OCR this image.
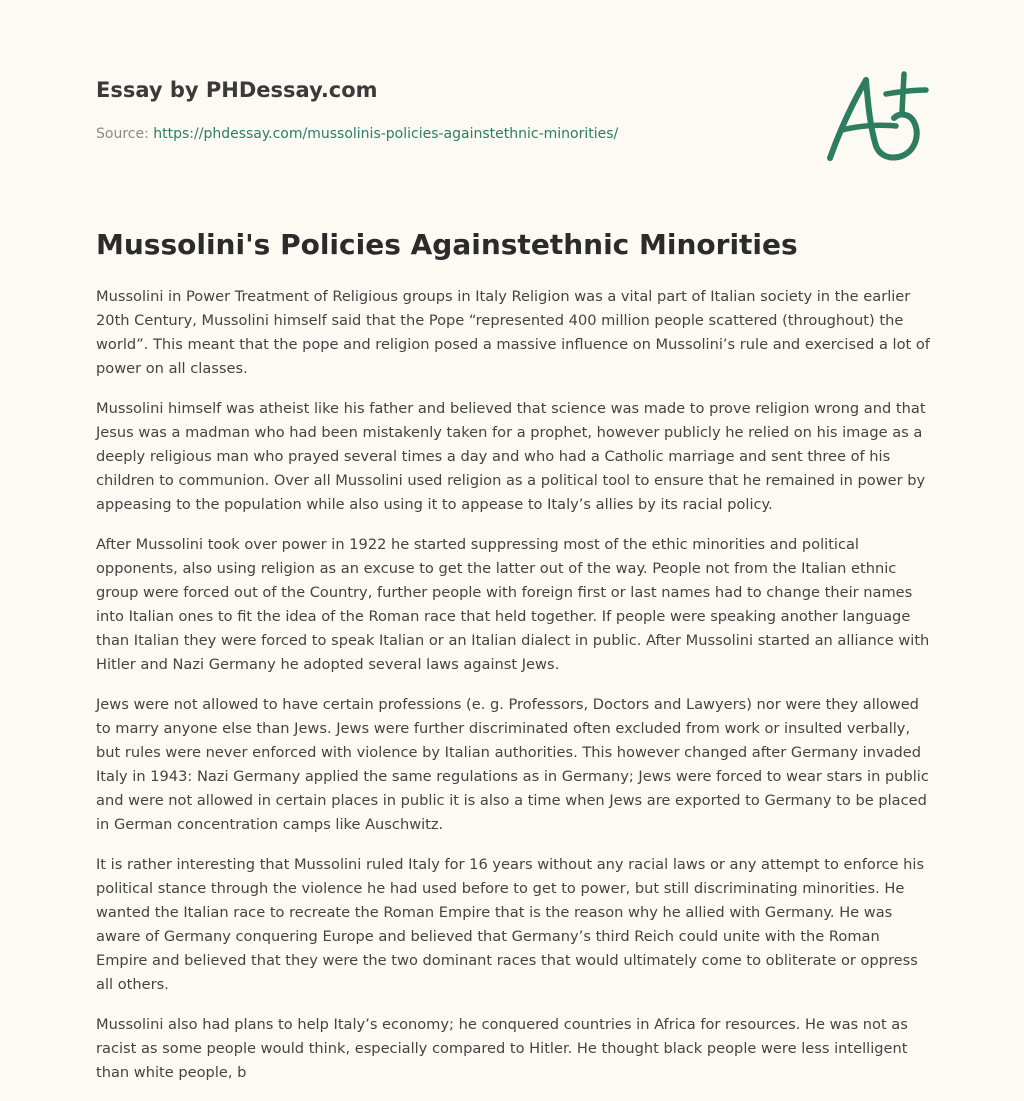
Essay by PHDessay.com
Source: https://phdessay.com/mussolinis-policies-againstethnic-minorities/
Mussolini's Policies Againstethnic Minorities

Mussolini in Power Treatment of Religious groups in Italy Religion was a vital part of Italian society in the earlier 20th Century, Mussolini himself said that the Pope “represented 400 million people scattered (throughout) the world”. This meant that the pope and religion posed a massive influence on Mussolini’s rule and exercised a lot of power on all classes.

Mussolini himself was atheist like his father and believed that science was made to prove religion wrong and that Jesus was a madman who had been mistakenly taken for a prophet, however publicly he relied on his image as a deeply religious man who prayed several times a day and who had a Catholic marriage and sent three of his children to communion. Over all Mussolini used religion as a political tool to ensure that he remained in power by appeasing to the population while also using it to appease to Italy’s allies by its racial policy.

After Mussolini took over power in 1922 he started suppressing most of the ethic minorities and political opponents, also using religion as an excuse to get the latter out of the way. People not from the Italian ethnic group were forced out of the Country, further people with foreign first or last names had to change their names into Italian ones to fit the idea of the Roman race that held together. If people were speaking another language than Italian they were forced to speak Italian or an Italian dialect in public. After Mussolini started an alliance with Hitler and Nazi Germany he adopted several laws against Jews.

Jews were not allowed to have certain professions (e. g. Professors, Doctors and Lawyers) nor were they allowed to marry anyone else than Jews. Jews were further discriminated often excluded from work or insulted verbally, but rules were never enforced with violence by Italian authorities. This however changed after Germany invaded Italy in 1943: Nazi Germany applied the same regulations as in Germany; Jews were forced to wear stars in public and were not allowed in certain places in public it is also a time when Jews are exported to Germany to be placed in German concentration camps like Auschwitz.

It is rather interesting that Mussolini ruled Italy for 16 years without any racial laws or any attempt to enforce his political stance through the violence he had used before to get to power, but still discriminating minorities. He wanted the Italian race to recreate the Roman Empire that is the reason why he allied with Germany. He was aware of Germany conquering Europe and believed that Germany’s third Reich could unite with the Roman Empire and believed that they were the two dominant races that would ultimately come to obliterate or oppress all others.

Mussolini also had plans to help Italy’s economy; he conquered countries in Africa for resources. He was not as racist as some people would think, especially compared to Hitler. He thought black people were less intelligent than white people, b
